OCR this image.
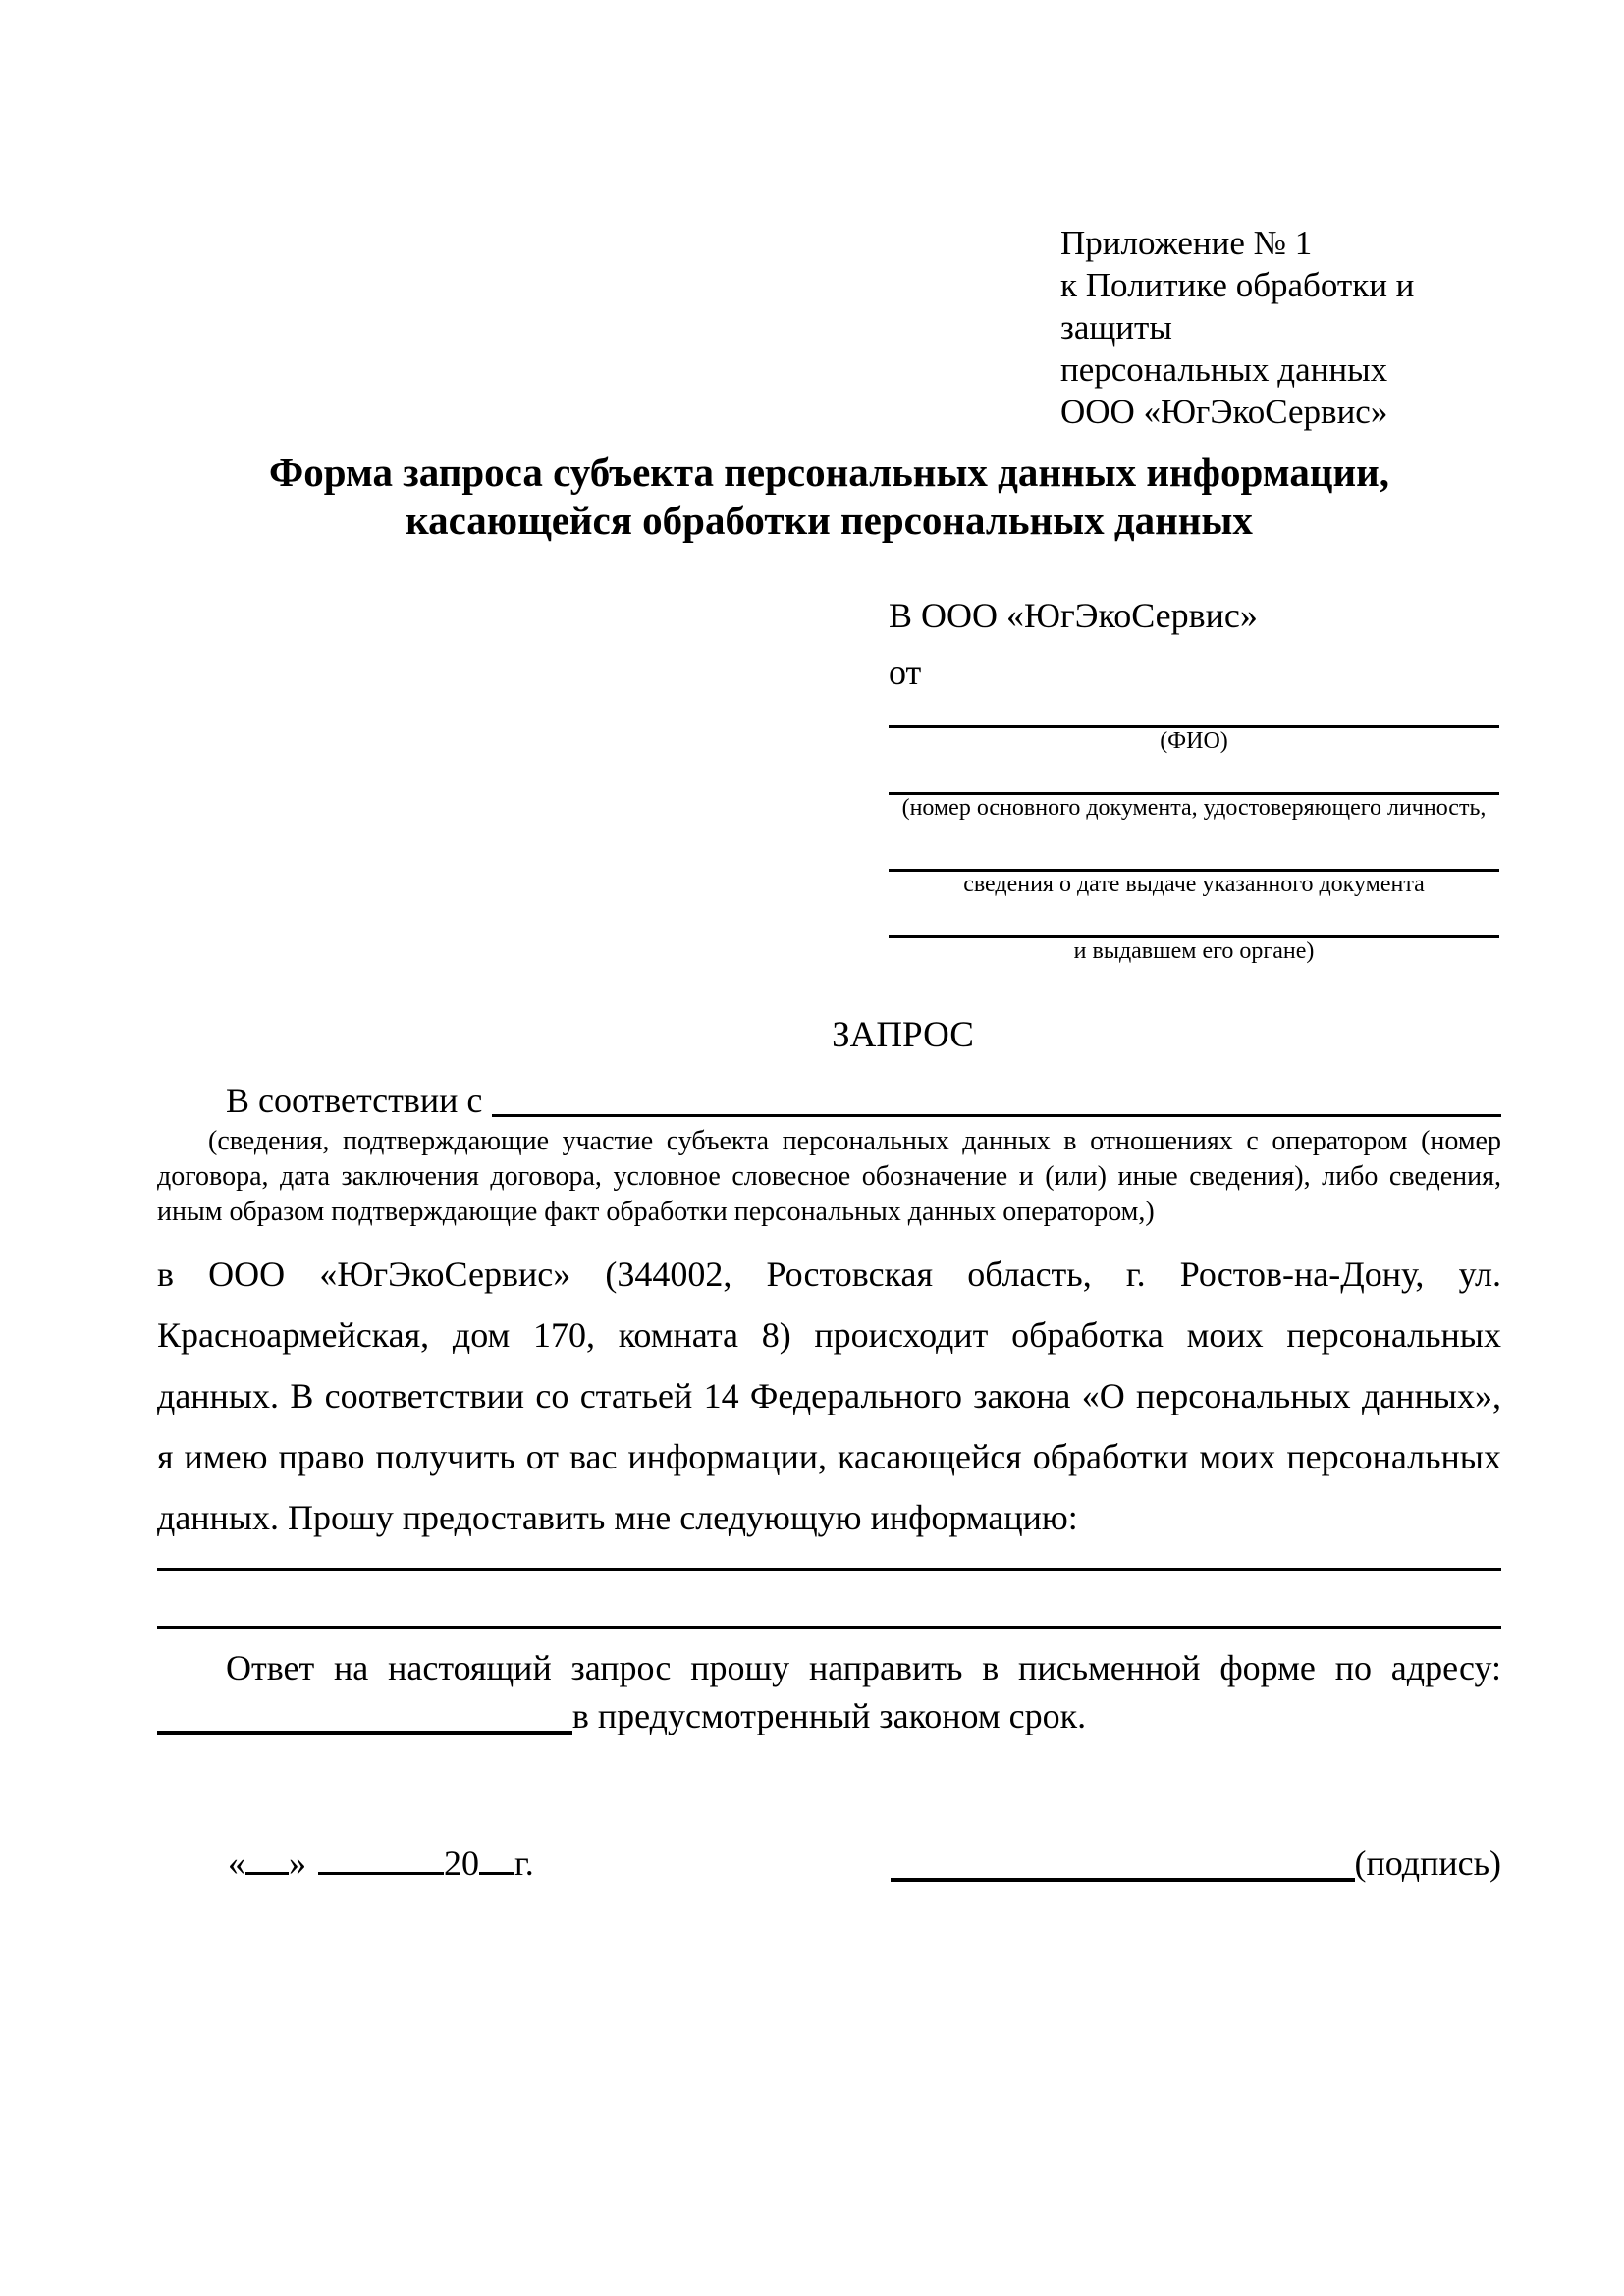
Приложение № 1
к Политике обработки и защиты
персональных данных
ООО «ЮгЭкоСервис»
Форма запроса субъекта персональных данных информации,
касающейся обработки персональных данных
В ООО «ЮгЭкоСервис»
от
(ФИО)
(номер основного документа, удостоверяющего личность,
сведения о дате выдаче указанного документа
и выдавшем его органе)
ЗАПРОС
В соответствии с
(сведения, подтверждающие участие субъекта персональных данных в отношениях с оператором (номер договора, дата заключения договора, условное словесное обозначение и (или) иные сведения), либо сведения, иным образом подтверждающие факт обработки персональных данных оператором,)

в ООО «ЮгЭкоСервис» (344002, Ростовская область, г. Ростов-на-Дону, ул. Красноармейская, дом 170, комната 8) происходит обработка моих персональных данных. В соответствии со статьей 14 Федерального закона «О персональных данных», я имею право получить от вас информации, касающейся обработки моих персональных данных. Прошу предоставить мне следующую информацию:

Ответ на настоящий запрос прошу направить в письменной форме по адресу:

в предусмотренный законом срок.
« »	20 г.	(подпись)
